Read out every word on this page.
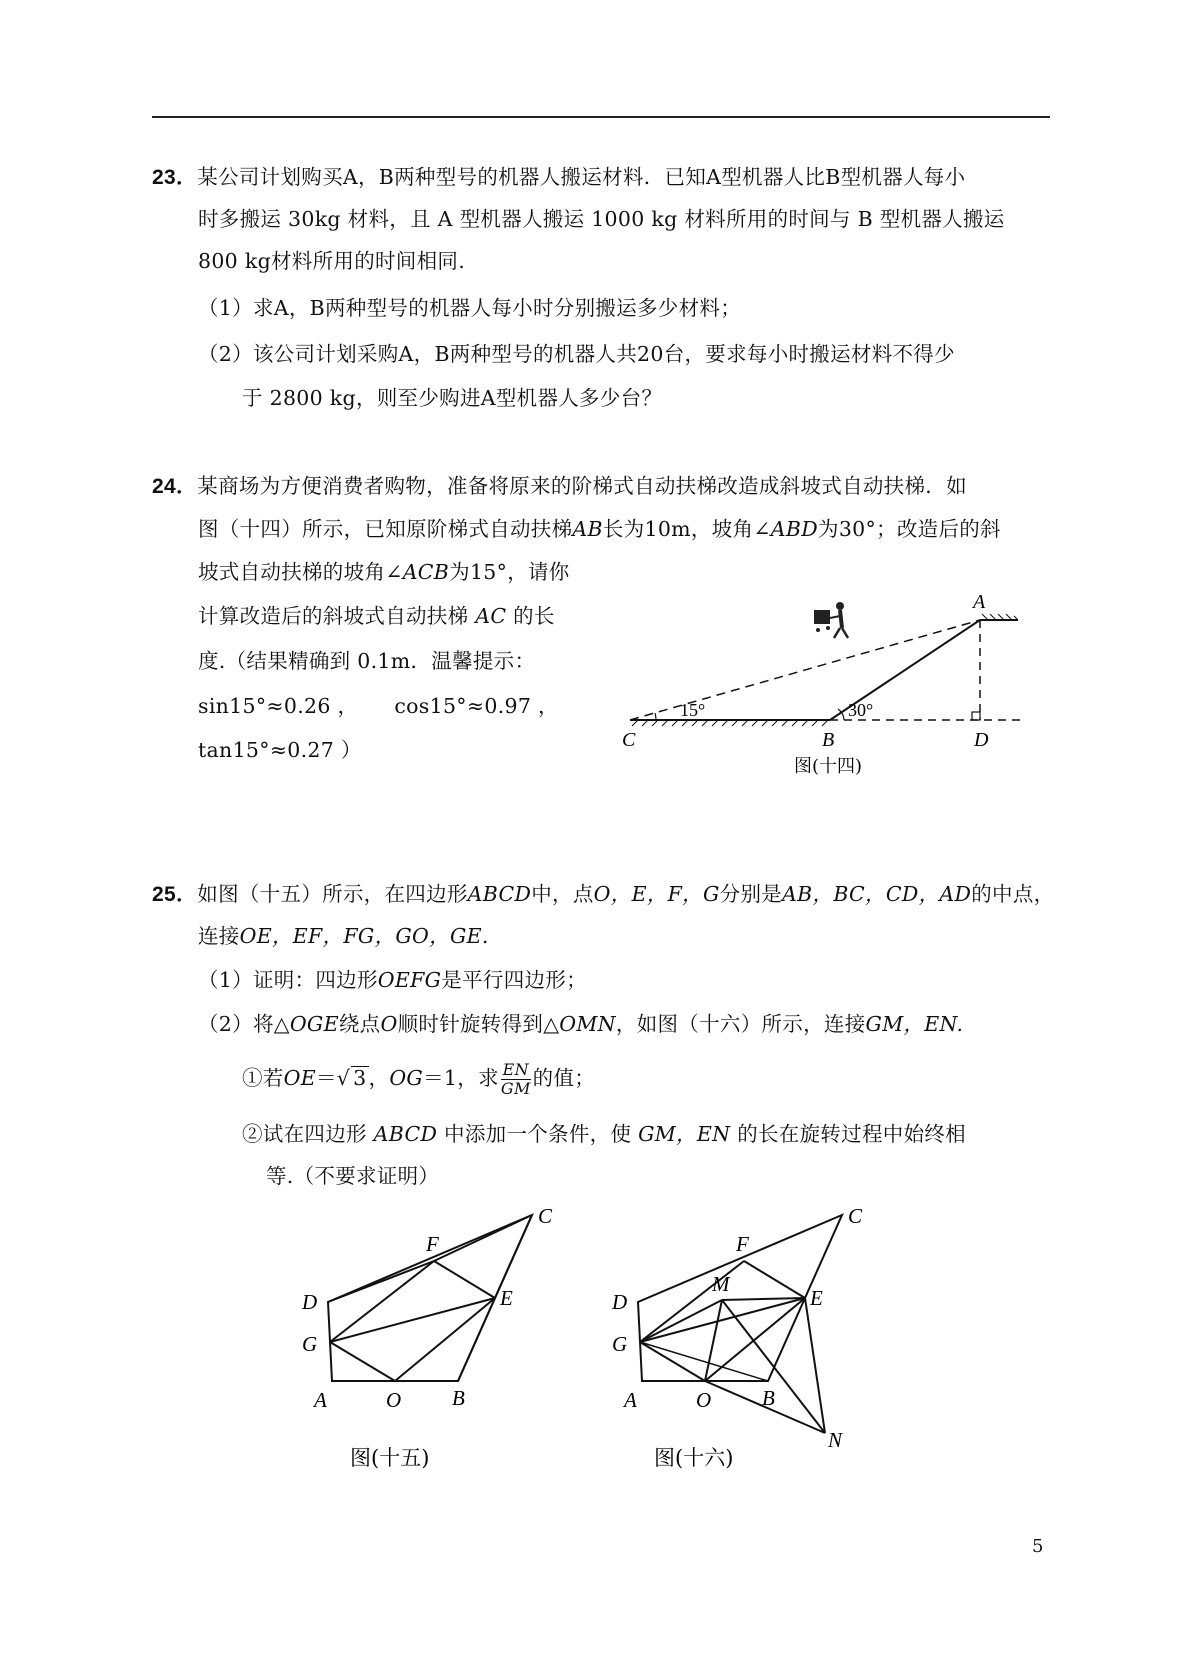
23．某公司计划购买A，B两种型号的机器人搬运材料．已知A型机器人比B型机器人每小
时多搬运 30kg 材料，且 A 型机器人搬运 1000 kg 材料所用的时间与 B 型机器人搬运
800 kg材料所用的时间相同.
（1）求A，B两种型号的机器人每小时分别搬运多少材料；
（2）该公司计划采购A，B两种型号的机器人共20台，要求每小时搬运材料不得少
于 2800 kg，则至少购进A型机器人多少台？
24．某商场为方便消费者购物，准备将原来的阶梯式自动扶梯改造成斜坡式自动扶梯．如
图（十四）所示，已知原阶梯式自动扶梯AB长为10m，坡角∠ABD为30°；改造后的斜
坡式自动扶梯的坡角∠ACB为15°，请你
计算改造后的斜坡式自动扶梯 AC 的长
度.（结果精确到 0.1m．温馨提示：
sin15°≈0.26 ， cos15°≈0.97 ，
tan15°≈0.27 ）	C	B	D
A
15°	30°
图(十四)
25．如图（十五）所示，在四边形ABCD中，点O，E，F，G分别是AB，BC，CD，AD的中点，
连接OE，EF，FG，GO，GE.
（1）证明：四边形OEFG是平行四边形；
（2）将△OGE绕点O顺时针旋转得到△OMN，如图（十六）所示，连接GM，EN.
①若OE＝√ 3，OG＝1，求 $\frac{EN}{GM}$ 的值；
②试在四边形 ABCD 中添加一个条件，使 GM，EN 的长在旋转过程中始终相
等.（不要求证明）
C
F
D	E
G
A	O B
图(十五)
C
F
D	E
M
G
A	O B
N
图(十六)
5
